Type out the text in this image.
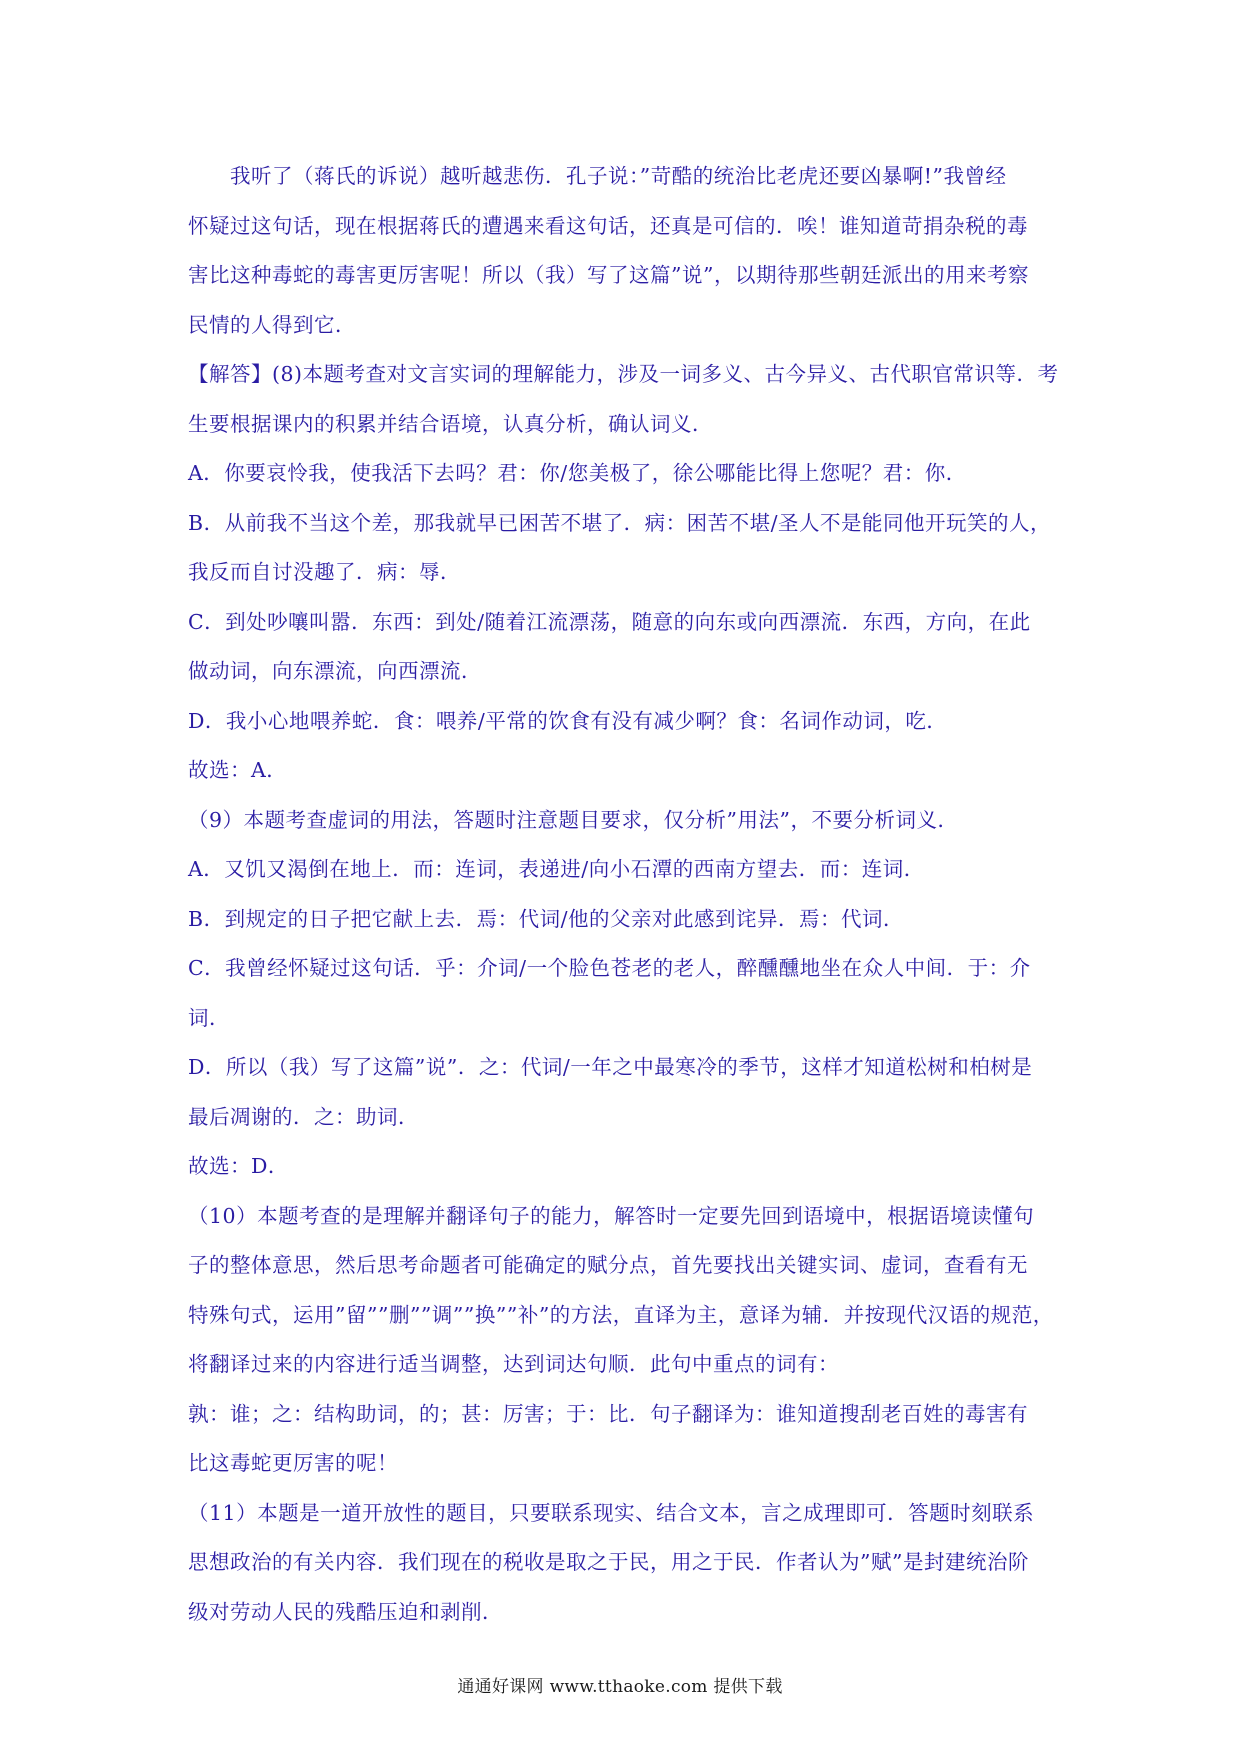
我听了（蒋氏的诉说）越听越悲伤．孔子说：”苛酷的统治比老虎还要凶暴啊!”我曾经
怀疑过这句话，现在根据蒋氏的遭遇来看这句话，还真是可信的．唉！谁知道苛捐杂税的毒
害比这种毒蛇的毒害更厉害呢！所以（我）写了这篇”说”，以期待那些朝廷派出的用来考察
民情的人得到它．
【解答】(8)本题考查对文言实词的理解能力，涉及一词多义、古今异义、古代职官常识等．考
生要根据课内的积累并结合语境，认真分析，确认词义．
A．你要哀怜我，使我活下去吗？君：你/您美极了，徐公哪能比得上您呢？君：你．
B．从前我不当这个差，那我就早已困苦不堪了．病：困苦不堪/圣人不是能同他开玩笑的人，
我反而自讨没趣了．病：辱．
C．到处吵嚷叫嚣．东西：到处/随着江流漂荡，随意的向东或向西漂流．东西，方向，在此
做动词，向东漂流，向西漂流．
D．我小心地喂养蛇．食：喂养/平常的饮食有没有减少啊？食：名词作动词，吃．
故选：A．
（9）本题考查虚词的用法，答题时注意题目要求，仅分析”用法”，不要分析词义．
A．又饥又渴倒在地上．而：连词，表递进/向小石潭的西南方望去．而：连词．
B．到规定的日子把它献上去．焉：代词/他的父亲对此感到诧异．焉：代词．
C．我曾经怀疑过这句话．乎：介词/一个脸色苍老的老人，醉醺醺地坐在众人中间．于：介
词．
D．所以（我）写了这篇”说”．之：代词/一年之中最寒冷的季节，这样才知道松树和柏树是
最后凋谢的．之：助词．
故选：D．
（10）本题考查的是理解并翻译句子的能力，解答时一定要先回到语境中，根据语境读懂句
子的整体意思，然后思考命题者可能确定的赋分点，首先要找出关键实词、虚词，查看有无
特殊句式，运用”留””删””调””换””补”的方法，直译为主，意译为辅．并按现代汉语的规范，
将翻译过来的内容进行适当调整，达到词达句顺．此句中重点的词有：
孰：谁；之：结构助词，的；甚：厉害；于：比．句子翻译为：谁知道搜刮老百姓的毒害有
比这毒蛇更厉害的呢！
（11）本题是一道开放性的题目，只要联系现实、结合文本，言之成理即可．答题时刻联系
思想政治的有关内容．我们现在的税收是取之于民，用之于民．作者认为”赋”是封建统治阶
级对劳动人民的残酷压迫和剥削．
通通好课网 www.tthaoke.com 提供下载
